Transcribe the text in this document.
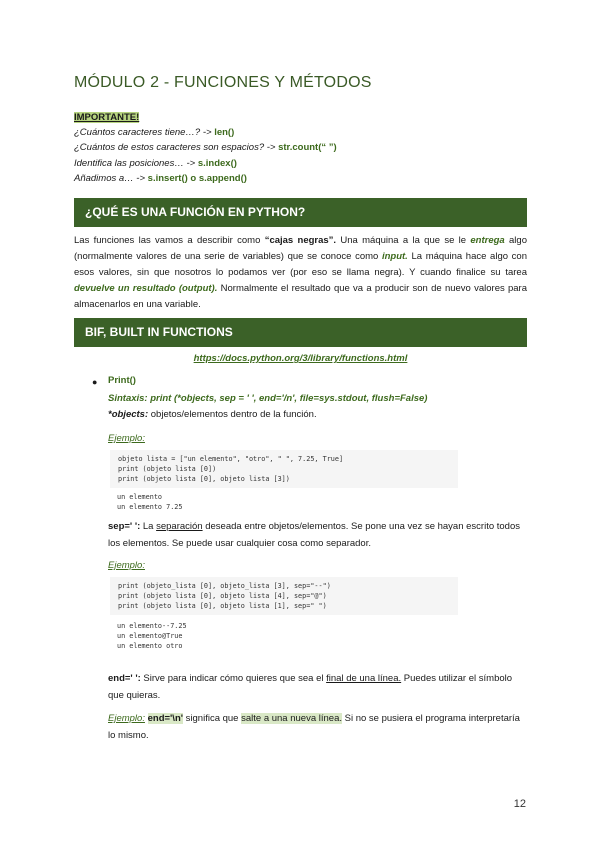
MÓDULO 2 - FUNCIONES Y MÉTODOS
IMPORTANTE!
¿Cuántos caracteres tiene…? -> len()
¿Cuántos de estos caracteres son espacios? -> str.count(“ ”)
Identifica las posiciones… -> s.index()
Añadimos a… -> s.insert() o s.append()
¿QUÉ ES UNA FUNCIÓN EN PYTHON?
Las funciones las vamos a describir como “cajas negras”. Una máquina a la que se le entrega algo (normalmente valores de una serie de variables) que se conoce como input. La máquina hace algo con esos valores, sin que nosotros lo podamos ver (por eso se llama negra). Y cuando finalice su tarea devuelve un resultado (output). Normalmente el resultado que va a producir son de nuevo valores para almacenarlos en una variable.
BIF, BUILT IN FUNCTIONS
https://docs.python.org/3/library/functions.html
● Print()
Sintaxis: print (*objects, sep = ' ', end='/n', file=sys.stdout, flush=False)
*objects: objetos/elementos dentro de la función.
Ejemplo:
objeto lista = ["un elemento", "otro", " ", 7.25, True]
print (objeto lista [0])
print (objeto lista [0], objeto lista [3])
un elemento
un elemento 7.25
sep=' ': La separación deseada entre objetos/elementos. Se pone una vez se hayan escrito todos los elementos. Se puede usar cualquier cosa como separador.
Ejemplo:
print (objeto_lista [0], objeto_lista [3], sep="--")
print (objeto lista [0], objeto lista [4], sep="@")
print (objeto lista [0], objeto lista [1], sep=" ")
un elemento--7.25
un elemento@True
un elemento otro
end=' ': Sirve para indicar cómo quieres que sea el final de una línea. Puedes utilizar el símbolo que quieras.
Ejemplo: end='\n' significa que salte a una nueva línea. Si no se pusiera el programa interpretaría lo mismo.
12
